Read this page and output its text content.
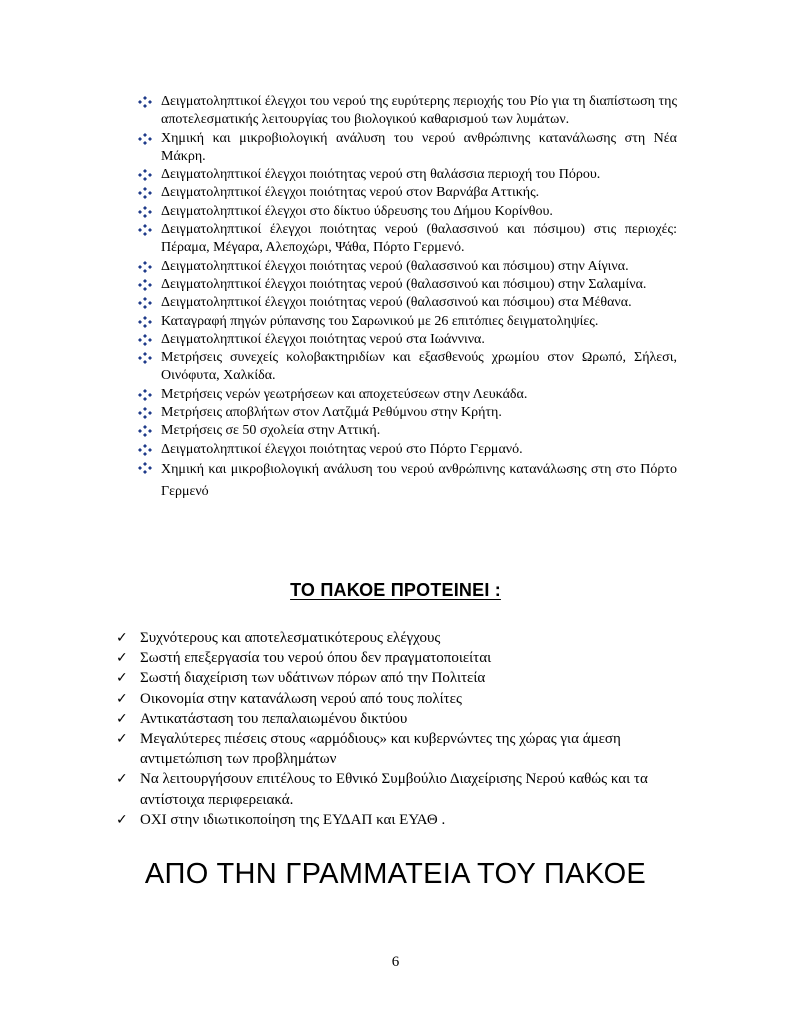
Δειγματοληπτικοί έλεγχοι του νερού της ευρύτερης περιοχής του Ρίο για τη διαπίστωση της αποτελεσματικής λειτουργίας του βιολογικού καθαρισμού των λυμάτων.
Χημική και μικροβιολογική ανάλυση του νερού ανθρώπινης κατανάλωσης στη Νέα Μάκρη.
Δειγματοληπτικοί έλεγχοι ποιότητας νερού στη θαλάσσια περιοχή του Πόρου.
Δειγματοληπτικοί έλεγχοι ποιότητας νερού στον Βαρνάβα Αττικής.
Δειγματοληπτικοί έλεγχοι στο δίκτυο ύδρευσης του Δήμου Κορίνθου.
Δειγματοληπτικοί έλεγχοι ποιότητας νερού (θαλασσινού και πόσιμου) στις περιοχές: Πέραμα, Μέγαρα, Αλεποχώρι, Ψάθα, Πόρτο Γερμενό.
Δειγματοληπτικοί έλεγχοι ποιότητας νερού (θαλασσινού και πόσιμου) στην Αίγινα.
Δειγματοληπτικοί έλεγχοι ποιότητας νερού (θαλασσινού και πόσιμου) στην Σαλαμίνα.
Δειγματοληπτικοί έλεγχοι ποιότητας νερού (θαλασσινού και πόσιμου) στα Μέθανα.
Καταγραφή πηγών ρύπανσης του Σαρωνικού με 26 επιτόπιες δειγματοληψίες.
Δειγματοληπτικοί έλεγχοι ποιότητας νερού στα Ιωάννινα.
Μετρήσεις συνεχείς κολοβακτηριδίων και εξασθενούς χρωμίου στον Ωρωπό, Σήλεσι, Οινόφυτα, Χαλκίδα.
Μετρήσεις νερών γεωτρήσεων και αποχετεύσεων στην Λευκάδα.
Μετρήσεις αποβλήτων στον Λατζιμά Ρεθύμνου στην Κρήτη.
Μετρήσεις σε 50 σχολεία στην Αττική.
Δειγματοληπτικοί έλεγχοι ποιότητας νερού στο Πόρτο Γερμανό.
Χημική και μικροβιολογική ανάλυση του νερού ανθρώπινης κατανάλωσης στη στο Πόρτο Γερμενό
ΤΟ ΠΑΚΟΕ ΠΡΟΤΕΙΝΕΙ :
✓ Συχνότερους και αποτελεσματικότερους ελέγχους
✓ Σωστή επεξεργασία του νερού όπου δεν πραγματοποιείται
✓ Σωστή διαχείριση των υδάτινων πόρων από την Πολιτεία
✓ Οικονομία στην κατανάλωση νερού από τους πολίτες
✓ Αντικατάσταση του πεπαλαιωμένου δικτύου
✓ Μεγαλύτερες πιέσεις στους «αρμόδιους» και κυβερνώντες της χώρας για άμεση αντιμετώπιση των προβλημάτων
✓ Να λειτουργήσουν επιτέλους το Εθνικό Συμβούλιο Διαχείρισης Νερού καθώς και τα αντίστοιχα περιφερειακά.
✓ ΟΧΙ στην ιδιωτικοποίηση της ΕΥΔΑΠ και ΕΥΑΘ .
ΑΠΟ ΤΗΝ ΓΡΑΜΜΑΤΕΙΑ ΤΟΥ ΠΑΚΟΕ
6
